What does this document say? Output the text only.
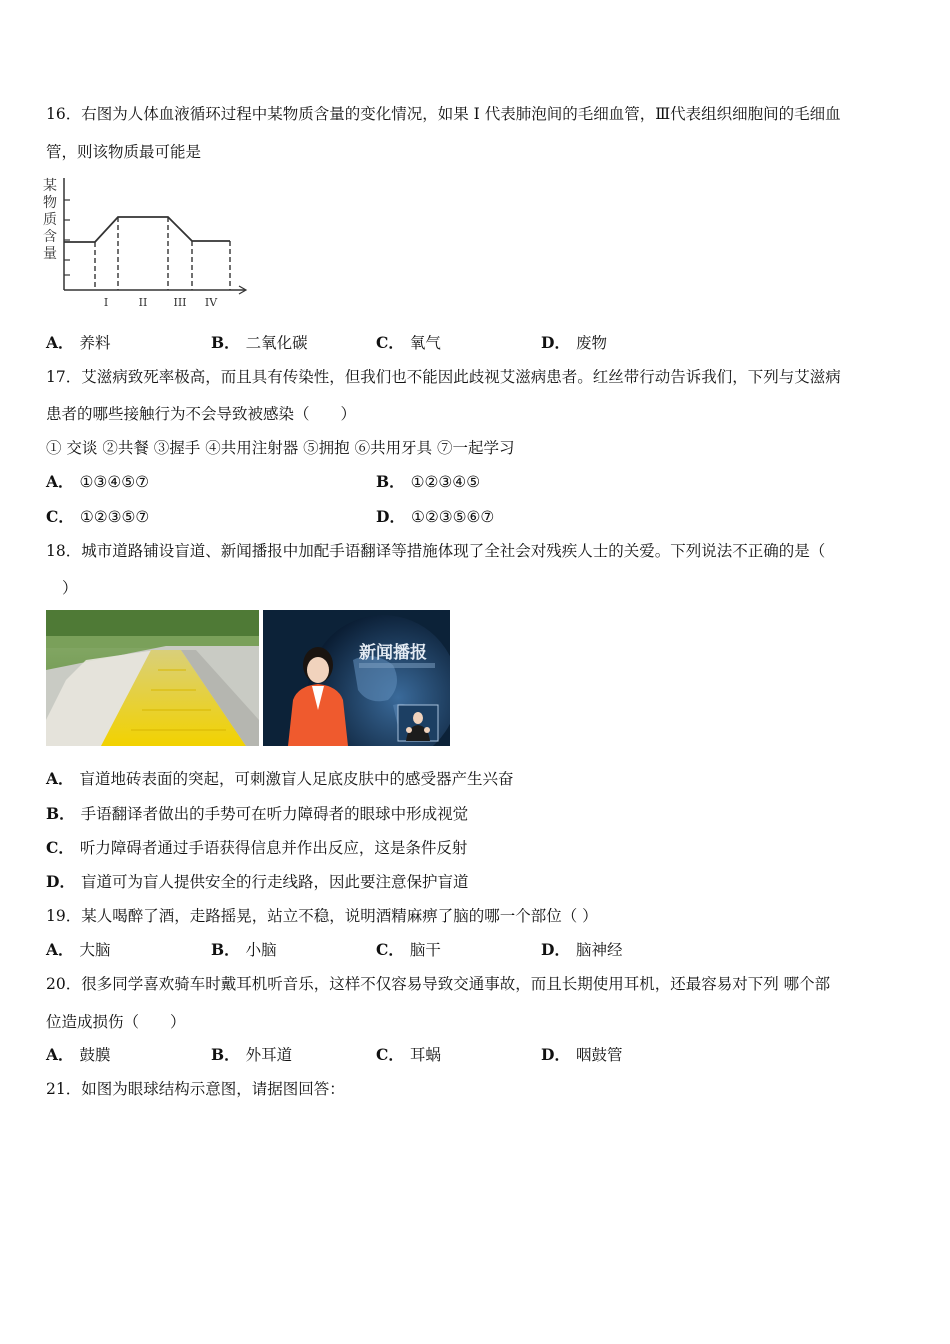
16．右图为人体血液循环过程中某物质含量的变化情况，如果 I 代表肺泡间的毛细血管，Ⅲ代表组织细胞间的毛细血
管，则该物质最可能是
某
物
质
含
量
I	II III IV
A． 养料	B． 二氧化碳	C． 氧气	D． 废物
17．艾滋病致死率极高，而且具有传染性，但我们也不能因此歧视艾滋病患者。红丝带行动告诉我们，下列与艾滋病
患者的哪些接触行为不会导致被感染（　　）
① 交谈 ②共餐 ③握手 ④共用注射器 ⑤拥抱 ⑥共用牙具 ⑦一起学习
A． ①③④⑤⑦	B． ①②③④⑤
C． ①②③⑤⑦	D． ①②③⑤⑥⑦
18．城市道路铺设盲道、新闻播报中加配手语翻译等措施体现了全社会对残疾人士的关爱。下列说法不正确的是（
）
新闻播报
A． 盲道地砖表面的突起，可刺激盲人足底皮肤中的感受器产生兴奋
B． 手语翻译者做出的手势可在听力障碍者的眼球中形成视觉
C． 听力障碍者通过手语获得信息并作出反应，这是条件反射
D． 盲道可为盲人提供安全的行走线路，因此要注意保护盲道
19．某人喝醉了酒，走路摇晃，站立不稳，说明酒精麻痹了脑的哪一个部位（ ）
A． 大脑	B． 小脑	C． 脑干	D． 脑神经
20．很多同学喜欢骑车时戴耳机听音乐，这样不仅容易导致交通事故，而且长期使用耳机，还最容易对下列 哪个部
位造成损伤（　　）
A． 鼓膜	B． 外耳道	C． 耳蜗	D． 咽鼓管
21．如图为眼球结构示意图，请据图回答：
